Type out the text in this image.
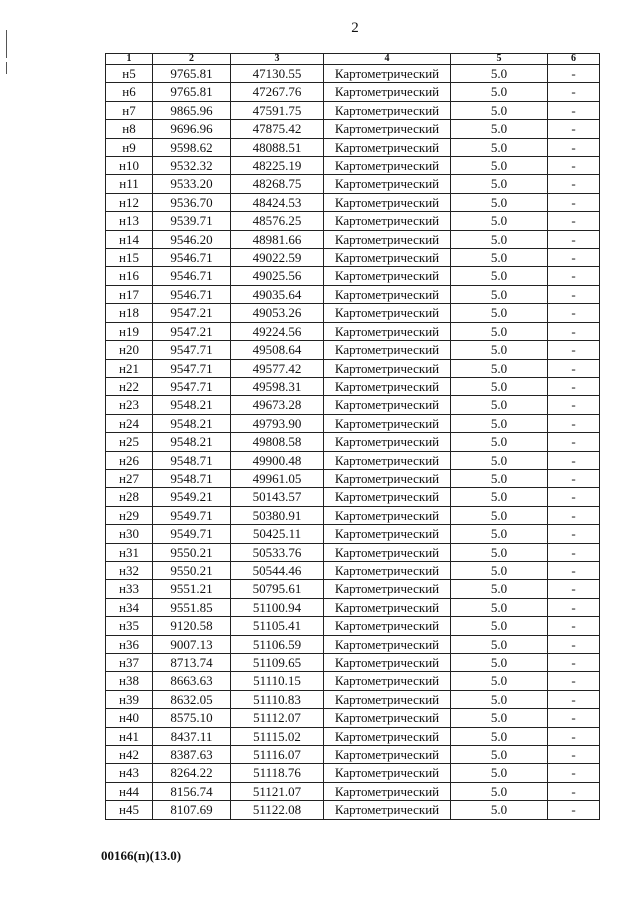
2
1	2	3	4	5	6
н5	9765.81	47130.55	Картометрический	5.0	-
н6	9765.81	47267.76	Картометрический	5.0	-
н7	9865.96	47591.75	Картометрический	5.0	-
н8	9696.96	47875.42	Картометрический	5.0	-
н9	9598.62	48088.51	Картометрический	5.0	-
н10	9532.32	48225.19	Картометрический	5.0	-
н11	9533.20	48268.75	Картометрический	5.0	-
н12	9536.70	48424.53	Картометрический	5.0	-
н13	9539.71	48576.25	Картометрический	5.0	-
н14	9546.20	48981.66	Картометрический	5.0	-
н15	9546.71	49022.59	Картометрический	5.0	-
н16	9546.71	49025.56	Картометрический	5.0	-
н17	9546.71	49035.64	Картометрический	5.0	-
н18	9547.21	49053.26	Картометрический	5.0	-
н19	9547.21	49224.56	Картометрический	5.0	-
н20	9547.71	49508.64	Картометрический	5.0	-
н21	9547.71	49577.42	Картометрический	5.0	-
н22	9547.71	49598.31	Картометрический	5.0	-
н23	9548.21	49673.28	Картометрический	5.0	-
н24	9548.21	49793.90	Картометрический	5.0	-
н25	9548.21	49808.58	Картометрический	5.0	-
н26	9548.71	49900.48	Картометрический	5.0	-
н27	9548.71	49961.05	Картометрический	5.0	-
н28	9549.21	50143.57	Картометрический	5.0	-
н29	9549.71	50380.91	Картометрический	5.0	-
н30	9549.71	50425.11	Картометрический	5.0	-
н31	9550.21	50533.76	Картометрический	5.0	-
н32	9550.21	50544.46	Картометрический	5.0	-
н33	9551.21	50795.61	Картометрический	5.0	-
н34	9551.85	51100.94	Картометрический	5.0	-
н35	9120.58	51105.41	Картометрический	5.0	-
н36	9007.13	51106.59	Картометрический	5.0	-
н37	8713.74	51109.65	Картометрический	5.0	-
н38	8663.63	51110.15	Картометрический	5.0	-
н39	8632.05	51110.83	Картометрический	5.0	-
н40	8575.10	51112.07	Картометрический	5.0	-
н41	8437.11	51115.02	Картометрический	5.0	-
н42	8387.63	51116.07	Картометрический	5.0	-
н43	8264.22	51118.76	Картометрический	5.0	-
н44	8156.74	51121.07	Картометрический	5.0	-
н45	8107.69	51122.08	Картометрический	5.0	-
00166(п)(13.0)
